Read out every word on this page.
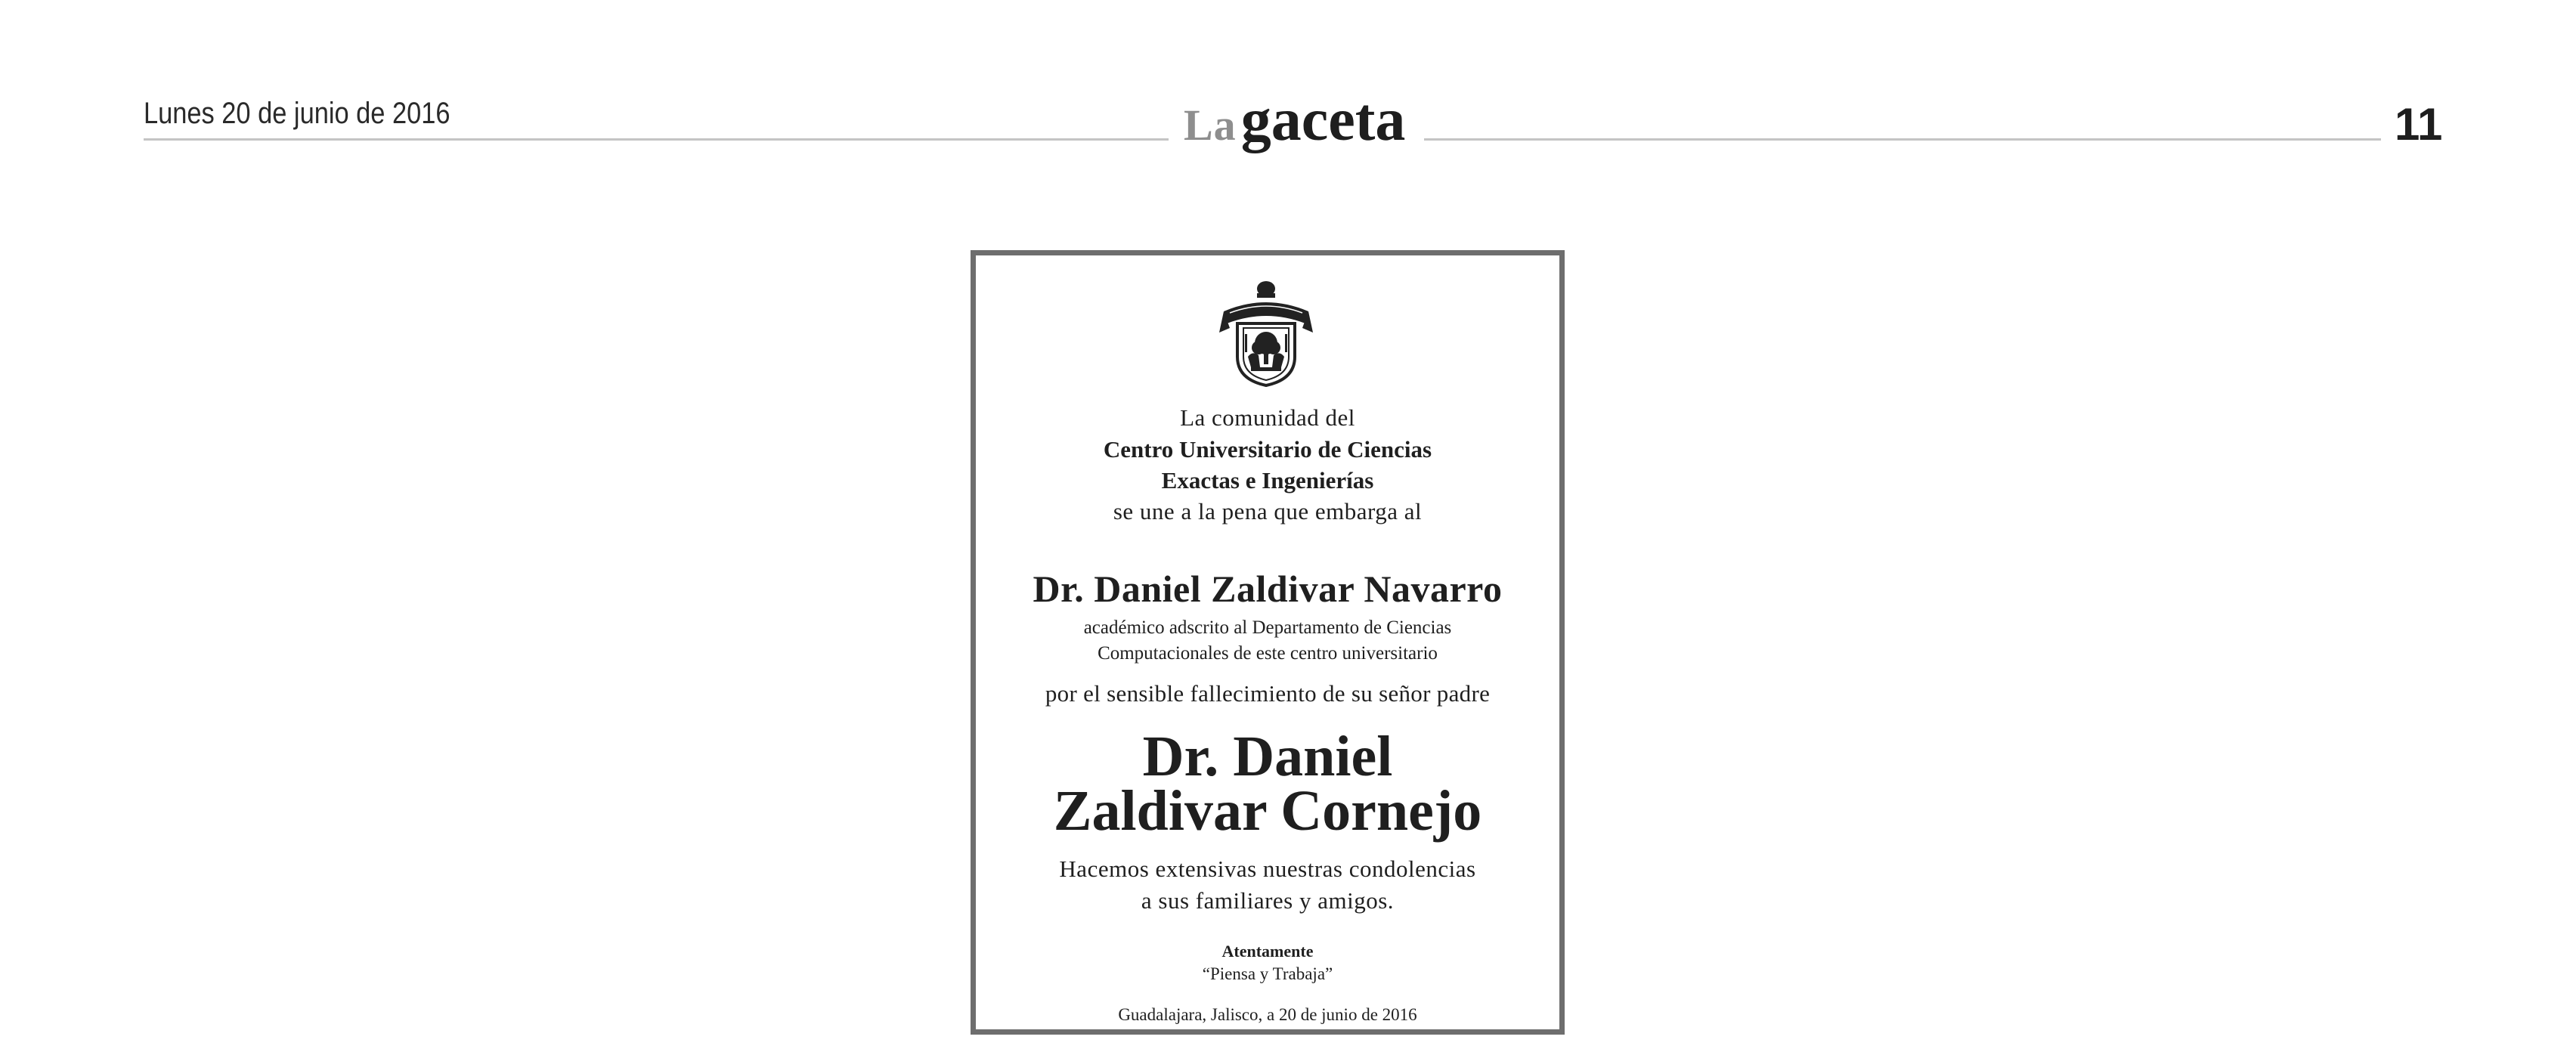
Lunes 20 de junio de 2016	Lagaceta	11
La comunidad del
Centro Universitario de Ciencias
Exactas e Ingenierías
se une a la pena que embarga al
Dr. Daniel Zaldivar Navarro
académico adscrito al Departamento de Ciencias
Computacionales de este centro universitario
por el sensible fallecimiento de su señor padre
Dr. Daniel
Zaldivar Cornejo
Hacemos extensivas nuestras condolencias
a sus familiares y amigos.
Atentamente
“Piensa y Trabaja”
Guadalajara, Jalisco, a 20 de junio de 2016
